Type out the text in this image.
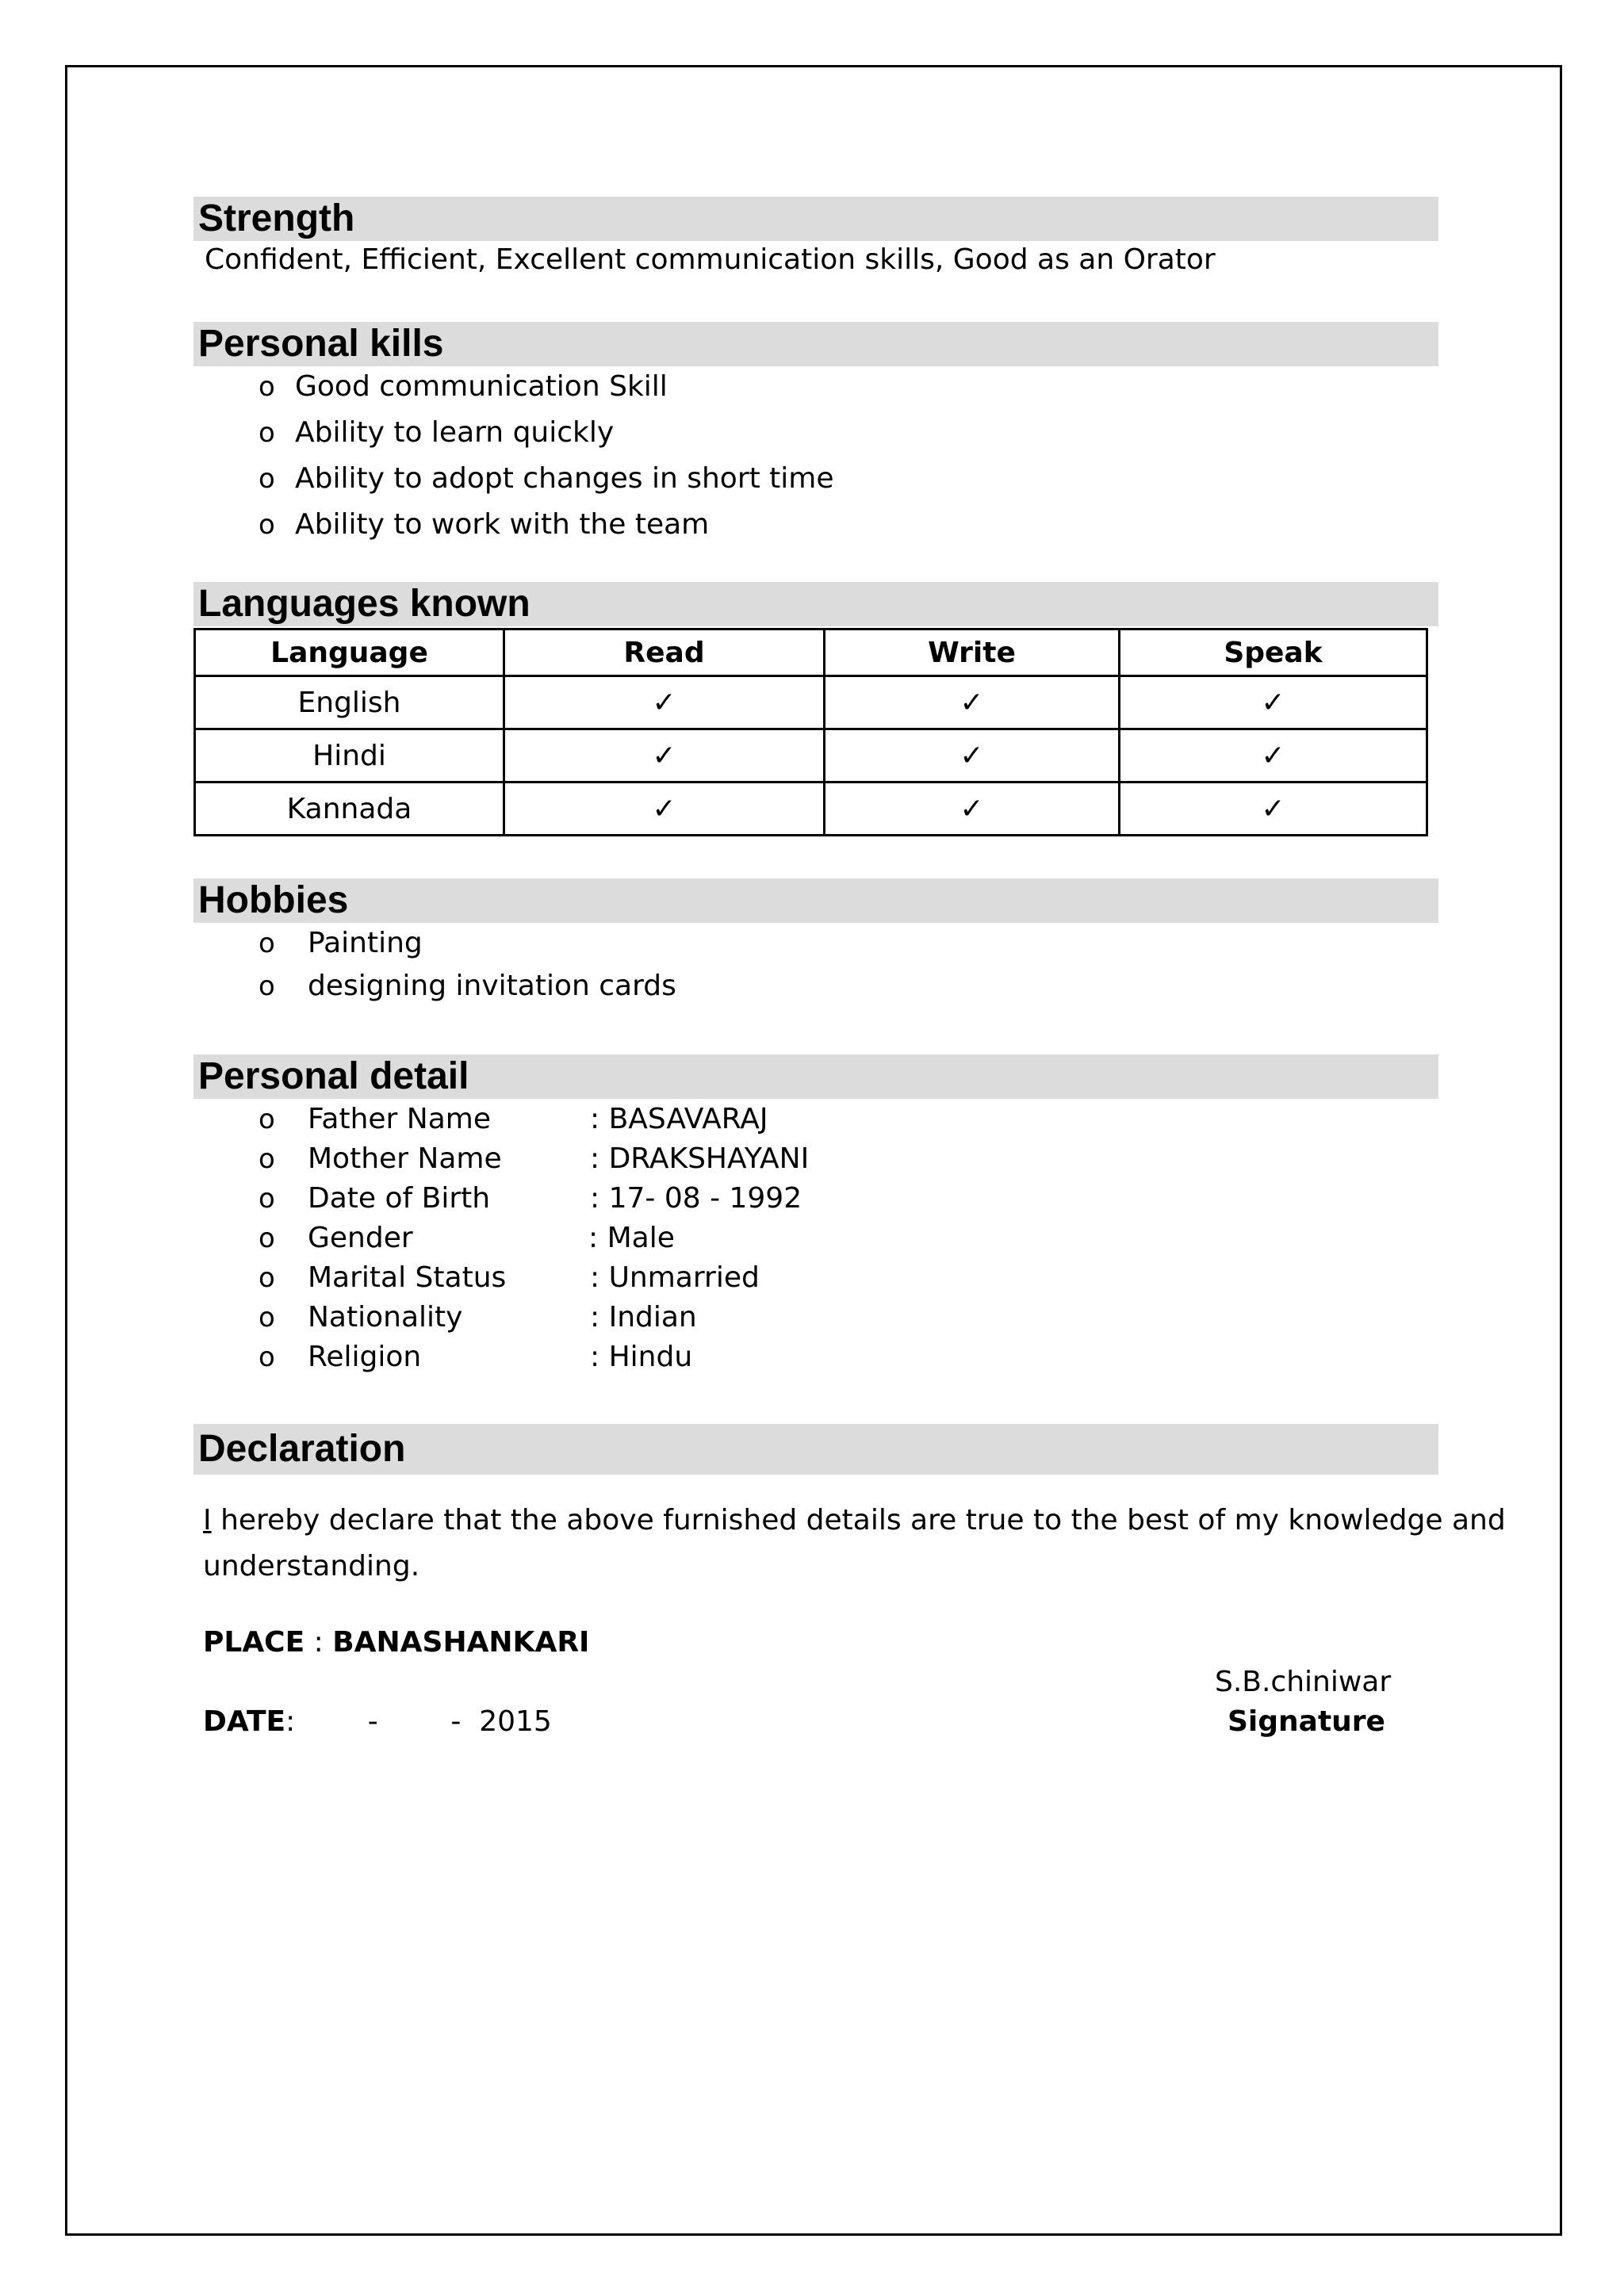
Strength
Confident, Efficient, Excellent communication skills, Good as an Orator
Personal kills
o Good communication Skill
o Ability to learn quickly
o Ability to adopt changes in short time
o Ability to work with the team
Languages known
Language	Read	Write	Speak
English	✓	✓	✓
Hindi	✓	✓	✓
Kannada	✓	✓	✓
Hobbies
o Painting
o designing invitation cards
Personal detail
o Father Name	: BASAVARAJ
o Mother Name	: DRAKSHAYANI
o Date of Birth	: 17- 08 - 1992
o Gender	: Male
o Marital Status	: Unmarried
o Nationality	: Indian
o Religion	: Hindu
Declaration
I hereby declare that the above furnished details are true to the best of my knowledge and
understanding.
PLACE : BANASHANKARI
S.B.chiniwar
DATE:        -        -  2015	Signature
